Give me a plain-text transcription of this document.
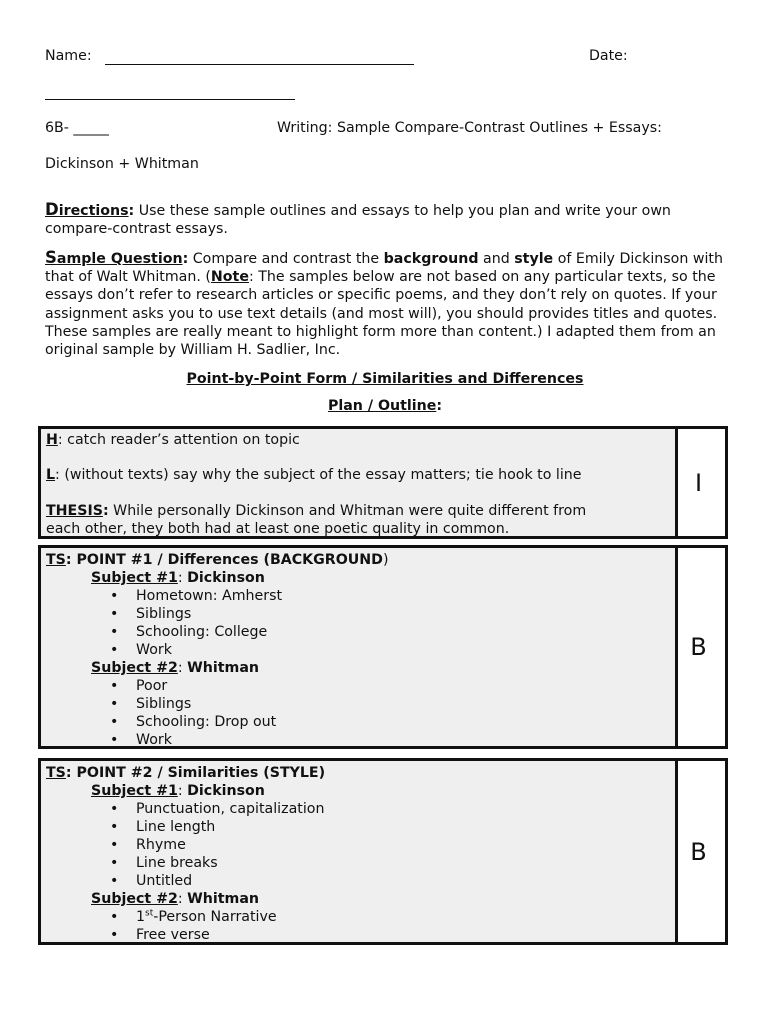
Name:	Date:
6B- _____	Writing: Sample Compare-Contrast Outlines + Essays:
Dickinson + Whitman
Directions: Use these sample outlines and essays to help you plan and write your own compare-contrast essays.
Sample Question: Compare and contrast the background and style of Emily Dickinson with that of Walt Whitman. (Note: The samples below are not based on any particular texts, so the essays don’t refer to research articles or specific poems, and they don’t rely on quotes. If your assignment asks you to use text details (and most will), you should provides titles and quotes. These samples are really meant to highlight form more than content.) I adapted them from an original sample by William H. Sadlier, Inc.
Point-by-Point Form / Similarities and Differences
Plan / Outline:
H: catch reader’s attention on topic
L: (without texts) say why the subject of the essay matters; tie hook to line
THESIS: While personally Dickinson and Whitman were quite different from
each other, they both had at least one poetic quality in common.
I
TS: POINT #1 / Differences (BACKGROUND)
Subject #1: Dickinson
• Hometown: Amherst
• Siblings
• Schooling: College
• Work
Subject #2: Whitman
• Poor
• Siblings
• Schooling: Drop out
• Work
B
TS: POINT #2 / Similarities (STYLE)
Subject #1: Dickinson
• Punctuation, capitalization
• Line length
• Rhyme
• Line breaks
• Untitled
Subject #2: Whitman
• 1st-Person Narrative
• Free verse
B
